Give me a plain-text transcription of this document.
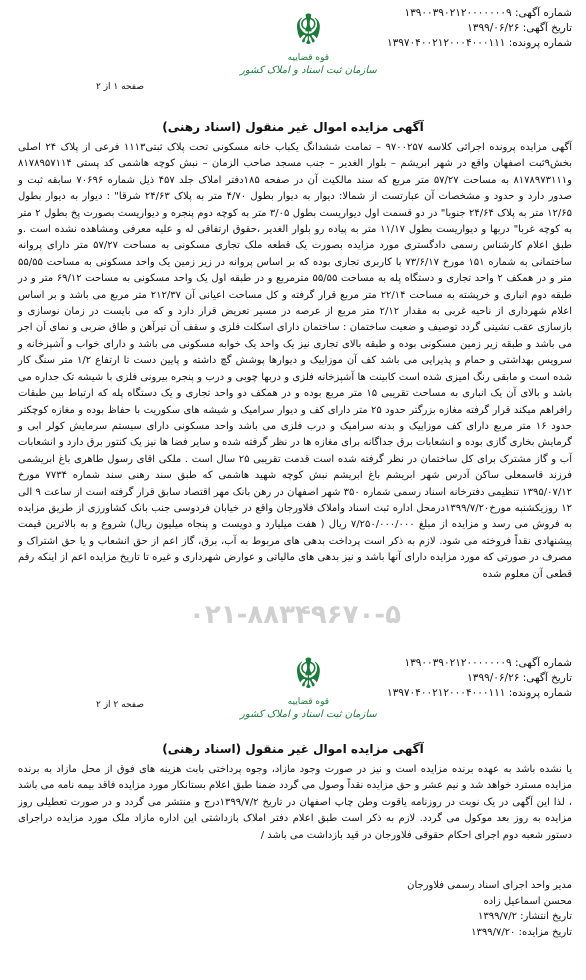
شماره آگهی: ۱۳۹۰۰۳۹۰۲۱۲۰۰۰۰۰۰۰۹
تاریخ آگهی: ۱۳۹۹/۰۶/۲۶
شماره پرونده: ۱۳۹۷۰۴۰۰۲۱۲۰۰۰۴۰۰۰۱۱۱
☬
قوه قضاییه
سازمان ثبت اسناد و املاک کشور
صفحه ۱ از ۲
آگهی مزایده اموال غیر منقول (اسناد رهنی)

آگهی مزایده پرونده اجرائی کلاسه ۹۷۰۰۲۵۷ – تمامت ششدانگ یکباب خانه مسکونی تحت پلاک ثبتی۱۱۱۳ فرعی از پلاک ۲۴ اصلی بخش۹ثبت اصفهان واقع در شهر ابریشم – بلوار الغدیر – جنب مسجد صاحب الزمان – نبش کوچه هاشمی کد پستی ۸۱۷۸۹۵۷۱۱۴ و۸۱۷۸۹۷۳۱۱۱ به مساحت ۵۷/۲۷ متر مربع که سند مالکیت آن در صفحه ۱۸۵دفتر املاک جلد ۴۵۷ ذیل شماره ۷۰۶۹۶ سابقه ثبت و صدور دارد و حدود و مشخصات آن عبارتست از شمالا: دیوار به دیوار بطول ۴/۷۰ متر به پلاک ۲۴/۶۳ شرقا" : دیوار به دیوار بطول ۱۲/۶۵ متر به پلاک ۲۴/۶۴ جنوبا" در دو قسمت اول دیواریست بطول ۳/۰۵ متر به کوچه دوم پنجره و دیواریست بصورت پخ بطول ۲ متر به کوچه غربا" دربها و دیواریست بطول ۱۱/۱۷ متر به پیاده رو بلوار الغدیر ،حقوق ارتفاقی له و علیه معرفی ومشاهده نشده است .و طبق اعلام کارشناس رسمی دادگستری مورد مزایده بصورت یک قطعه ملک تجاری مسکونی به مساحت ۵۷/۲۷ متر دارای پروانه ساختمانی به شماره ۱۵۱ مورخ ۷۳/۶/۱۷ با کاربری تجاری بوده که بر اساس پروانه در زیر زمین یک واحد مسکونی به مساحت ۵۵/۵۵ متر و در همکف ۲ واحد تجاری و دستگاه پله به مساحت ۵۵/۵۵ مترمربع و در طبقه اول یک واحد مسکونی به مساحت ۶۹/۱۲ متر و در طبقه دوم انباری و خرپشته به مساحت ۲۲/۱۴ متر مربع قرار گرفته و کل مساحت اعیانی آن ۲۱۲/۳۷ متر مربع می باشد و بر اساس اعلام شهرداری از ناحیه غربی به مقدار ۲/۱۲ متر مربع از عرصه در مسیر تعریض قرار دارد و که می بایست در زمان نوسازی و بازسازی عقب نشینی گردد توصیف و ضعیت ساختمان : ساختمان دارای اسکلت فلزی و سقف آن تیرآهن و طاق ضربی و نمای آن اجر می باشد و طبقه زیر زمین مسکونی بوده و طبقه بالای تجاری نیز یک واحد یک خوابه مسکونی می باشد و دارای خواب و آشپزخانه و سرویس بهداشتی و حمام و پذیرایی می باشد کف آن موزاییک و دیوارها پوشش گچ داشته و پایین دست تا ارتفاع ۱/۲ متر سنگ کار شده است و مابقی رنگ امیزی شده است کابینت ها آشپزخانه فلزی و دربها چوبی و درب و پنجره بیرونی فلزی با شیشه تک جداره می باشد و بالای آن یک انباری به مساحت تقریبی ۱۵ متر مربع بوده و در همکف دو واحد تجاری و یک دستگاه پله که ارتباط بین طبقات رافراهم میکند قرار گرفته مغازه بزرگتر حدود ۲۵ متر دارای کف و دیوار سرامیک و شیشه های سکوریت با حفاظ بوده و مغازه کوچکتر حدود ۱۶ متر مربع دارای کف موزاییک و بدنه سرامیک و درب فلزی می باشد واحد مسکونی دارای سیستم سرمایش کولر ابی و گرمایش بخاری گازی بوده و انشعابات برق جداگانه برای مغازه ها در نظر گرفته شده و سایر فضا ها نیز یک کنتور برق دارد و انشعابات آب و گاز مشترک برای کل ساختمان در نظر گرفته شده است قدمت تقریبی ۲۵ سال است . ملکی اقای رسول طاهری باغ ابریشمی فرزند قاسمعلی ساکن آدرس شهر ابریشم باغ ابریشم نبش کوچه شهید هاشمی که طبق سند رهنی سند شماره ۷۷۳۴ مورخ ۱۳۹۵/۰۷/۱۲ تنظیمی دفترخانه اسناد رسمی شماره ۳۵۰ شهر اصفهان در رهن بانک مهر اقتصاد سابق قرار گرفته است از ساعت ۹ الی ۱۲ روزیکشنبه مورخ۱۳۹۹/۷/۲۰درمحل اداره ثبت اسناد واملاک فلاورجان واقع در خیابان فردوسی جنب بانک کشاورزی از طریق مزایده به فروش می رسد و مزایده از مبلغ ۷/۲۵۰/۰۰۰/۰۰۰ ریال ( هفت میلیارد و دویست و پنجاه میلیون ریال) شروع و به بالاترین قیمت پیشنهادی نقداً فروخته می شود. لازم به ذکر است پرداخت بدهی های مربوط به آب، برق، گاز اعم از حق انشعاب و یا حق اشتراک و مصرف در صورتی که مورد مزایده دارای آنها باشد و نیز بدهی های مالیاتی و عوارض شهرداری و غیره تا تاریخ مزایده اعم از اینکه رقم قطعی آن معلوم شده

۰۲۱-۸۸۳۴۹۶۷۰-۵
شماره آگهی: ۱۳۹۰۰۳۹۰۲۱۲۰۰۰۰۰۰۰۹
تاریخ آگهی: ۱۳۹۹/۰۶/۲۶
شماره پرونده: ۱۳۹۷۰۴۰۰۲۱۲۰۰۰۴۰۰۰۱۱۱
☬
قوه قضاییه
سازمان ثبت اسناد و املاک کشور
صفحه ۲ از ۲
آگهی مزایده اموال غیر منقول (اسناد رهنی)

یا نشده باشد به عهده برنده مزایده است و نیز در صورت وجود مازاد، وجوه پرداختی بابت هزینه های فوق از محل مازاد به برنده مزایده مسترد خواهد شد و نیم عشر و حق مزایده نقداً وصول می گردد ضمنا طبق اعلام بستانکار مورد مزایده فاقد بیمه نامه می باشد ، لذا این آگهی در یک نوبت در روزنامه یاقوت وطن چاپ اصفهان در تاریخ ۱۳۹۹/۷/۲درج و منتشر می گردد و در صورت تعطیلی روز مزایده به روز بعد موکول می گردد. لازم به ذکر است طبق اعلام دفتر املاک بازداشتی این اداره مازاد ملک مورد مزایده دراجرای دستور شعبه دوم اجرای احکام حقوقی فلاورجان در قید بازداشت می باشد /

مدیر واحد اجرای اسناد رسمی فلاورجان
محسن اسماعیل زاده
تاریخ انتشار: ۱۳۹۹/۷/۲
تاریخ مزایده: ۱۳۹۹/۷/۲۰
